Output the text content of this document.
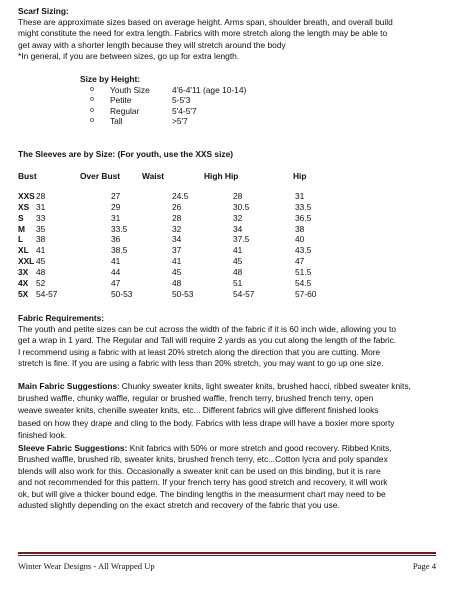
Scarf Sizing:

These are approximate sizes based on average height. Arms span, shoulder breath, and overall build

might constitute the need for extra length. Fabrics with more stretch along the length may be able to

get away with a shorter length because they will stretch around the body

*In general, if you are between sizes, go up for extra length.

Size by Height:
o Youth Size	4'6-4'11 (age 10-14)
o Petite	5-5'3
o Regular	5'4-5'7
o Tall	>5'7
The Sleeves are by Size: (For youth, use the XXS size)
Bust	Over Bust	Waist	High Hip	Hip
XXS 28	27	24.5	28	31
XS 31	29	26	30.5	33.5
S 33	31	28	32	36.5
M 35	33.5	32	34	38
L 38	36	34	37.5	40
XL 41	38.5	37	41	43.5
XXL 45	41	41	45	47
3X 48	44	45	48	51.5
4X 52	47	48	51	54.5
5X 54-57	50-53	50-53	54-57	57-60
Fabric Requirements:

The youth and petite sizes can be cut across the width of the fabric if it is 60 inch wide, allowing you to

get a wrap in 1 yard. The Regular and Tall will require 2 yards as you cut along the length of the fabric.

I recommend using a fabric with at least 20% stretch along the direction that you are cutting. More

stretch is fine. If you are using a fabric with less than 20% stretch, you may want to go up one size.

Main Fabric Suggestions: Chunky sweater knits, light sweater knits, brushed hacci, ribbed sweater knits,

brushed waffle, chunky waffle, regular or brushed waffle, french terry, brushed french terry, open

weave sweater knits, chenille sweater knits, etc... Different fabrics will give different finished looks

based on how they drape and cling to the body. Fabrics with less drape will have a boxier more sporty

finished look.

Sleeve Fabric Suggestions: Knit fabrics with 50% or more stretch and good recovery. Ribbed Knits,

Brushed waffle, brushed rib, sweater knits, brushed french terry, etc...Cotton lycra and poly spandex

blends will also work for this. Occasionally a sweater knit can be used on this binding, but it is rare

and not recommended for this pattern. If your french terry has good stretch and recovery, it will work

ok, but will give a thicker bound edge. The binding lengths in the measurment chart may need to be

adusted slightly depending on the exact stretch and recovery of the fabric that you use.

Winter Wear Designs - All Wrapped Up	Page 4
